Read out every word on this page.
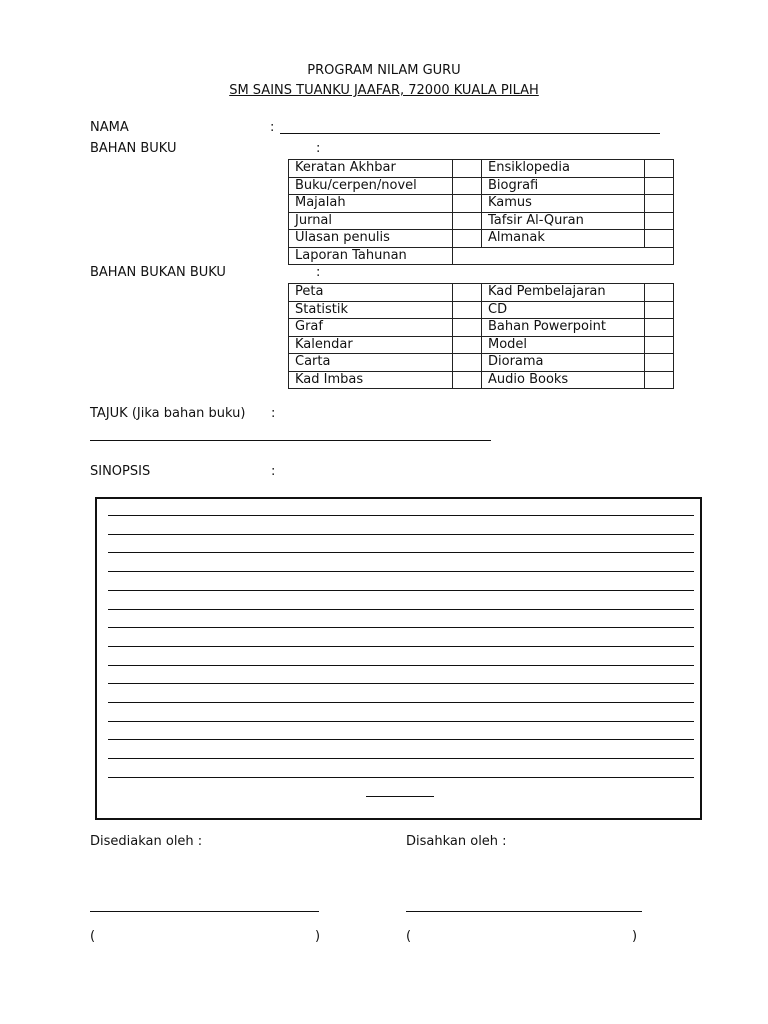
PROGRAM NILAM GURU
SM SAINS TUANKU JAAFAR, 72000 KUALA PILAH
NAMA	:
BAHAN BUKU	:
Keratan Akhbar		Ensiklopedia	
Buku/cerpen/novel		Biografi	
Majalah		Kamus	
Jurnal		Tafsir Al-Quran	
Ulasan penulis		Almanak	
Laporan Tahunan			
BAHAN BUKAN BUKU	:
Peta		Kad Pembelajaran	
Statistik		CD	
Graf		Bahan Powerpoint	
Kalendar		Model	
Carta		Diorama	
Kad Imbas		Audio Books	
TAJUK (Jika bahan buku) :
SINOPSIS	:
Disediakan oleh :	Disahkan oleh :
(	)	(	)
